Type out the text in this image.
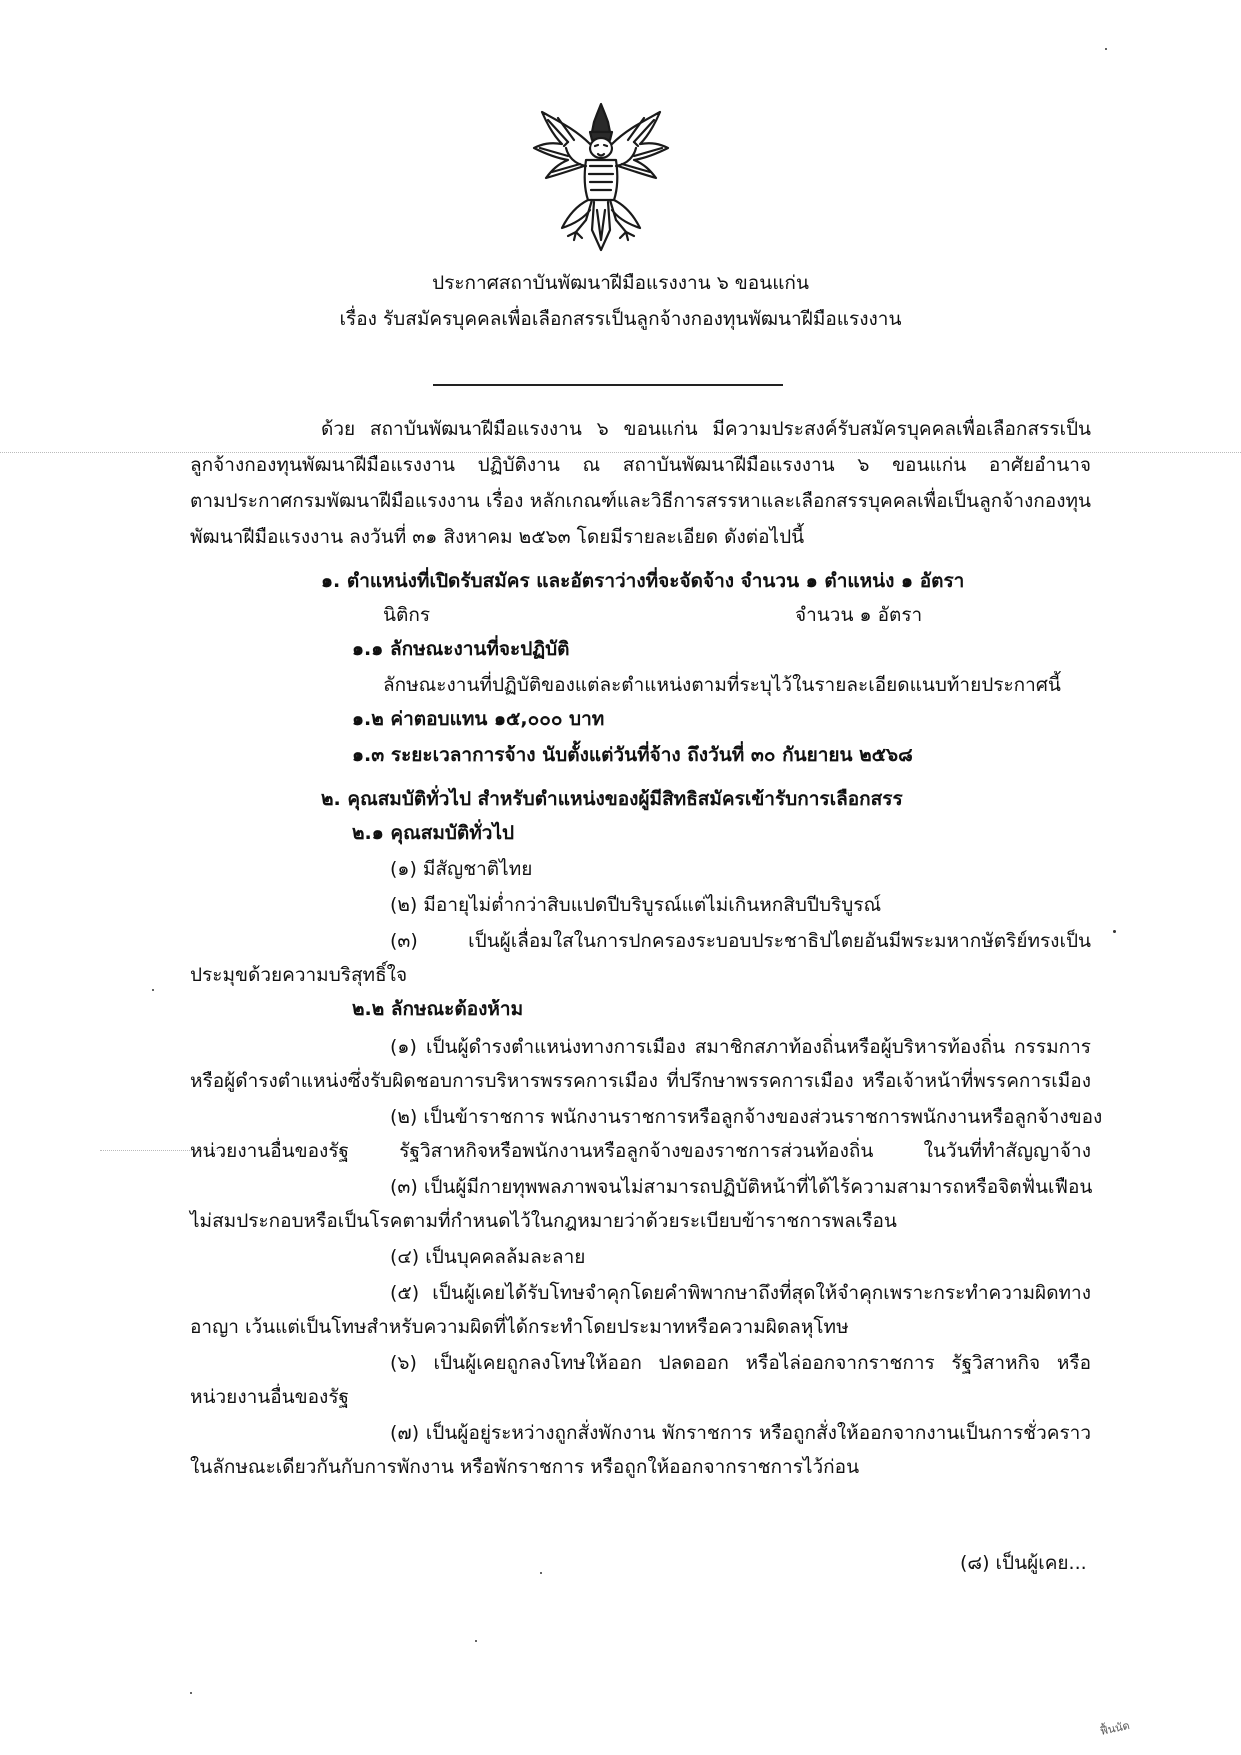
ประกาศสถาบันพัฒนาฝีมือแรงงาน ๖ ขอนแก่น
เรื่อง รับสมัครบุคคลเพื่อเลือกสรรเป็นลูกจ้างกองทุนพัฒนาฝีมือแรงงาน
ด้วย สถาบันพัฒนาฝีมือแรงงาน ๖ ขอนแก่น มีความประสงค์รับสมัครบุคคลเพื่อเลือกสรรเป็น
ลูกจ้างกองทุนพัฒนาฝีมือแรงงาน ปฏิบัติงาน ณ สถาบันพัฒนาฝีมือแรงงาน ๖ ขอนแก่น อาศัยอำนาจ
ตามประกาศกรมพัฒนาฝีมือแรงงาน เรื่อง หลักเกณฑ์และวิธีการสรรหาและเลือกสรรบุคคลเพื่อเป็นลูกจ้างกองทุน
พัฒนาฝีมือแรงงาน ลงวันที่ ๓๑ สิงหาคม ๒๕๖๓ โดยมีรายละเอียด ดังต่อไปนี้
๑. ตำแหน่งที่เปิดรับสมัคร และอัตราว่างที่จะจัดจ้าง จำนวน ๑ ตำแหน่ง ๑ อัตรา
นิติกร	จำนวน ๑ อัตรา
๑.๑ ลักษณะงานที่จะปฏิบัติ
ลักษณะงานที่ปฏิบัติของแต่ละตำแหน่งตามที่ระบุไว้ในรายละเอียดแนบท้ายประกาศนี้
๑.๒ ค่าตอบแทน ๑๕,๐๐๐ บาท
๑.๓ ระยะเวลาการจ้าง นับตั้งแต่วันที่จ้าง ถึงวันที่ ๓๐ กันยายน ๒๕๖๘
๒. คุณสมบัติทั่วไป สำหรับตำแหน่งของผู้มีสิทธิสมัครเข้ารับการเลือกสรร
๒.๑ คุณสมบัติทั่วไป
(๑) มีสัญชาติไทย
(๒) มีอายุไม่ต่ำกว่าสิบแปดปีบริบูรณ์แต่ไม่เกินหกสิบปีบริบูรณ์
(๓) เป็นผู้เลื่อมใสในการปกครองระบอบประชาธิปไตยอันมีพระมหากษัตริย์ทรงเป็น
ประมุขด้วยความบริสุทธิ์ใจ
๒.๒ ลักษณะต้องห้าม
(๑) เป็นผู้ดำรงตำแหน่งทางการเมือง สมาชิกสภาท้องถิ่นหรือผู้บริหารท้องถิ่น กรรมการ
หรือผู้ดำรงตำแหน่งซึ่งรับผิดชอบการบริหารพรรคการเมือง ที่ปรึกษาพรรคการเมือง หรือเจ้าหน้าที่พรรคการเมือง
(๒) เป็นข้าราชการ พนักงานราชการหรือลูกจ้างของส่วนราชการพนักงานหรือลูกจ้างของ
หน่วยงานอื่นของรัฐ รัฐวิสาหกิจหรือพนักงานหรือลูกจ้างของราชการส่วนท้องถิ่น ในวันที่ทำสัญญาจ้าง
(๓) เป็นผู้มีกายทุพพลภาพจนไม่สามารถปฏิบัติหน้าที่ได้ไร้ความสามารถหรือจิตฟั่นเฟือน
ไม่สมประกอบหรือเป็นโรคตามที่กำหนดไว้ในกฎหมายว่าด้วยระเบียบข้าราชการพลเรือน
(๔) เป็นบุคคลล้มละลาย
(๕) เป็นผู้เคยได้รับโทษจำคุกโดยคำพิพากษาถึงที่สุดให้จำคุกเพราะกระทำความผิดทาง
อาญา เว้นแต่เป็นโทษสำหรับความผิดที่ได้กระทำโดยประมาทหรือความผิดลหุโทษ
(๖) เป็นผู้เคยถูกลงโทษให้ออก ปลดออก หรือไล่ออกจากราชการ รัฐวิสาหกิจ หรือ
หน่วยงานอื่นของรัฐ
(๗) เป็นผู้อยู่ระหว่างถูกสั่งพักงาน พักราชการ หรือถูกสั่งให้ออกจากงานเป็นการชั่วคราว
ในลักษณะเดียวกันกับการพักงาน หรือพักราชการ หรือถูกให้ออกจากราชการไว้ก่อน
(๘) เป็นผู้เคย...
ฟื้นนัด
